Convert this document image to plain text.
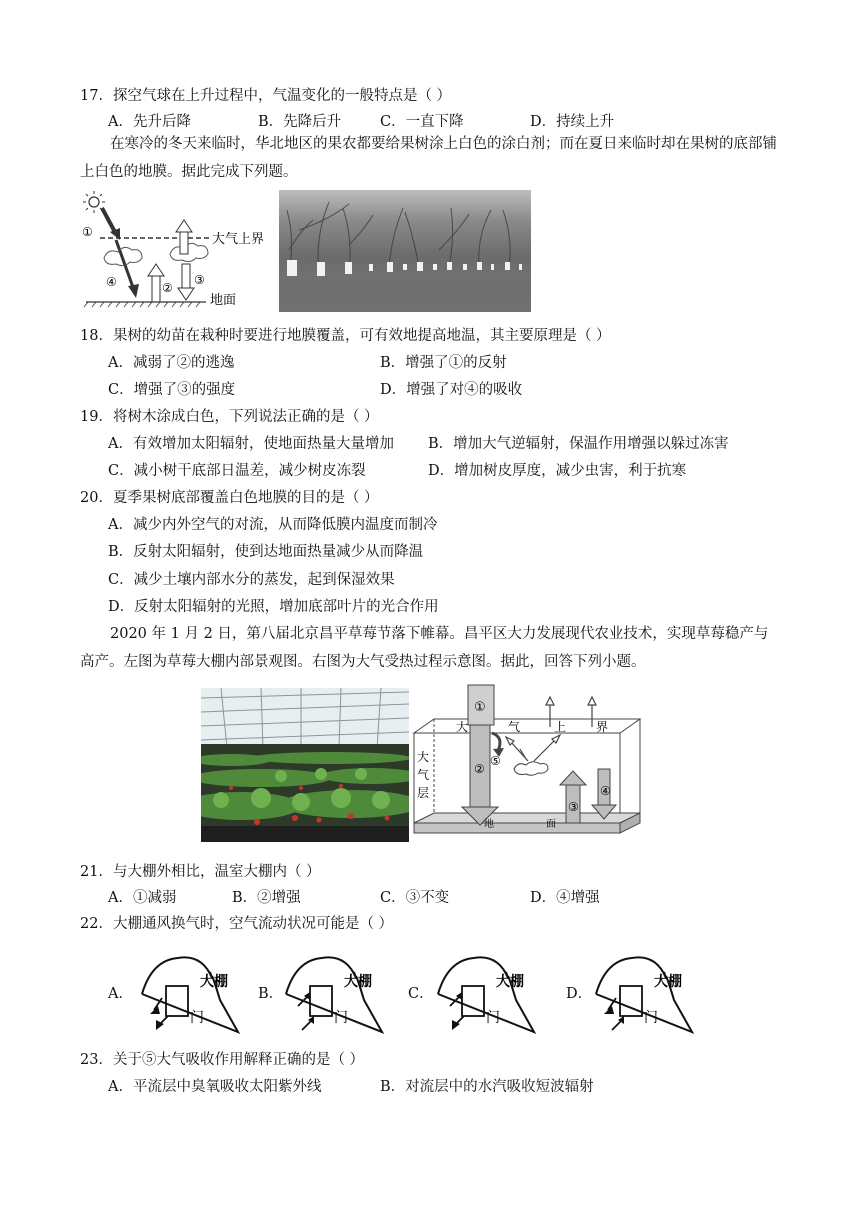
17．探空气球在上升过程中，气温变化的一般特点是（ ）
A．先升后降	B．先降后升	C．一直下降	D．持续上升
在寒冷的冬天来临时，华北地区的果农都要给果树涂上白色的涂白剂；而在夏日来临时却在果树的底部铺上白色的地膜。据此完成下列题。
①
②
③
④
大气上界
地面
18．果树的幼苗在栽种时要进行地膜覆盖，可有效地提高地温，其主要原理是（ ）
A．减弱了②的逃逸	B．增强了①的反射
C．增强了③的强度	D．增强了对④的吸收
19．将树木涂成白色，下列说法正确的是（ ）
A．有效增加太阳辐射，使地面热量大量增加 B．增加大气逆辐射，保温作用增强以躲过冻害
C．减小树干底部日温差，减少树皮冻裂	D．增加树皮厚度，减少虫害，利于抗寒
20．夏季果树底部覆盖白色地膜的目的是（ ）
A．减少内外空气的对流，从而降低膜内温度而制冷
B．反射太阳辐射，使到达地面热量减少从而降温
C．减少土壤内部水分的蒸发，起到保湿效果
D．反射太阳辐射的光照，增加底部叶片的光合作用
2020 年 1 月 2 日，第八届北京昌平草莓节落下帷幕。昌平区大力发展现代农业技术，实现草莓稳产与高产。左图为草莓大棚内部景观图。右图为大气受热过程示意图。据此，回答下列小题。
①
②
③
④
⑤
大	气	上 界
大
气
层
地	面
21．与大棚外相比，温室大棚内（ ）
A．①减弱	B．②增强	C．③不变	D．④增强
22．大棚通风换气时，空气流动状况可能是（ ）
A．	B．	C．	D．
大棚
门
大棚
门
大棚
门
大棚
门
23．关于⑤大气吸收作用解释正确的是（ ）
A．平流层中臭氧吸收太阳紫外线	B．对流层中的水汽吸收短波辐射
